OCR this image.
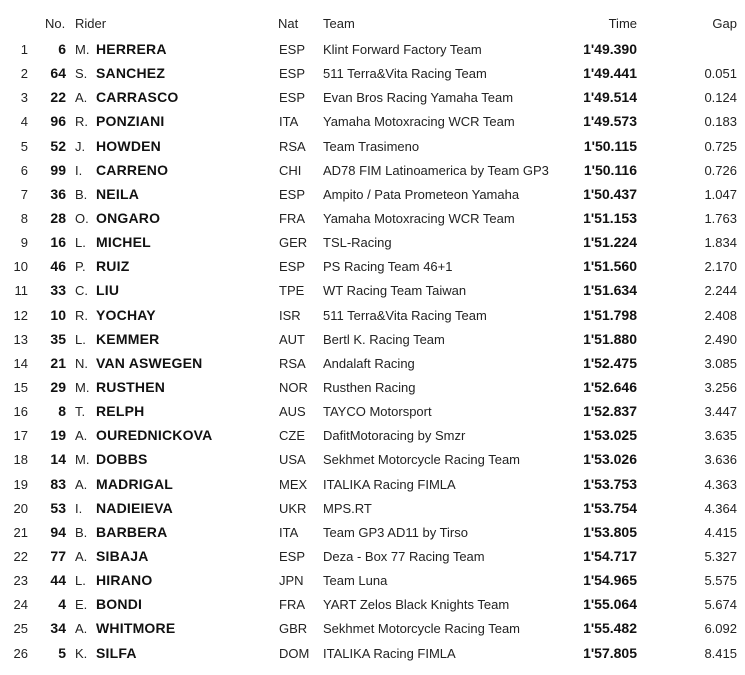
No. Rider	Nat Team	Time	Gap
1	6 M. HERRERA	ESP Klint Forward Factory Team	1'49.390
2	64 S. SANCHEZ	ESP 511 Terra&Vita Racing Team	1'49.441	0.051
3	22 A. CARRASCO	ESP Evan Bros Racing Yamaha Team	1'49.514	0.124
4	96 R. PONZIANI	ITA Yamaha Motoxracing WCR Team	1'49.573	0.183
5	52 J. HOWDEN	RSA Team Trasimeno	1'50.115	0.725
6	99 I. CARRENO	CHI AD78 FIM Latinoamerica by Team GP3 1'50.116	0.726
7	36 B. NEILA	ESP Ampito / Pata Prometeon Yamaha	1'50.437	1.047
8	28 O. ONGARO	FRA Yamaha Motoxracing WCR Team	1'51.153	1.763
9	16 L. MICHEL	GER TSL-Racing	1'51.224	1.834
10	46 P. RUIZ	ESP PS Racing Team 46+1	1'51.560	2.170
11	33 C. LIU	TPE WT Racing Team Taiwan	1'51.634	2.244
12	10 R. YOCHAY	ISR 511 Terra&Vita Racing Team	1'51.798	2.408
13	35 L. KEMMER	AUT Bertl K. Racing Team	1'51.880	2.490
14	21 N. VAN ASWEGEN	RSA Andalaft Racing	1'52.475	3.085
15	29 M. RUSTHEN	NOR Rusthen Racing	1'52.646	3.256
16	8 T. RELPH	AUS TAYCO Motorsport	1'52.837	3.447
17	19 A. OUREDNICKOVA	CZE DafitMotoracing by Smzr	1'53.025	3.635
18	14 M. DOBBS	USA Sekhmet Motorcycle Racing Team	1'53.026	3.636
19	83 A. MADRIGAL	MEX ITALIKA Racing FIMLA	1'53.753	4.363
20	53 I. NADIEIEVA	UKR MPS.RT	1'53.754	4.364
21	94 B. BARBERA	ITA Team GP3 AD11 by Tirso	1'53.805	4.415
22	77 A. SIBAJA	ESP Deza - Box 77 Racing Team	1'54.717	5.327
23	44 L. HIRANO	JPN Team Luna	1'54.965	5.575
24	4 E. BONDI	FRA YART Zelos Black Knights Team	1'55.064	5.674
25	34 A. WHITMORE	GBR Sekhmet Motorcycle Racing Team	1'55.482	6.092
26	5 K. SILFA	DOM ITALIKA Racing FIMLA	1'57.805	8.415
